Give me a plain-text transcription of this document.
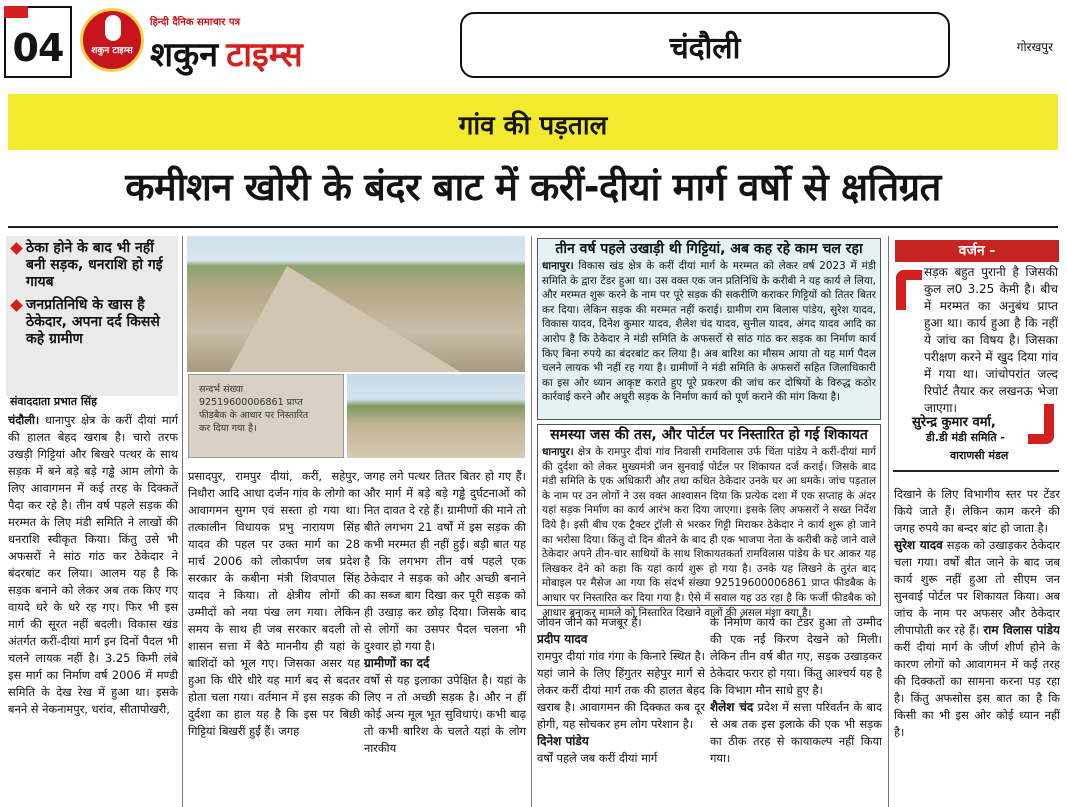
04	शकुन टाइम्स
हिन्दी दैनिक समाचार पत्र
शकुन टाइम्स	चंदौली	गोरखपुर
गांव की पड़ताल
कमीशन खोरी के बंदर बाट में करीं-दीयां मार्ग वर्षो से क्षतिग्रत
ठेका होने के बाद भी नहीं बनी सड़क, धनराशि हो गई गायब
जनप्रतिनिधि के खास है ठेकेदार, अपना दर्द किससे कहे ग्रामीण
संवाददाता प्रभात सिंह
चंदौली। धानापुर क्षेत्र के करीं दीयां मार्ग की हालत बेहद खराब है। चारो तरफ उखड़ी गिट्टियां और बिखरे पत्थर के साथ सड़क में बने बड़े बड़े गड्ढे आम लोगो के लिए आवागमन में कई तरह के दिक्कतें पैदा कर रहे है। तीन वर्ष पहले सड़क की मरम्मत के लिए मंडी समिति ने लाखों की धनराशि स्वीकृत किया। किंतु उसे भी अफसरों ने सांठ गांठ कर ठेकेदार ने बंदरबांट कर लिया। आलम यह है कि सड़क बनाने को लेकर अब तक किए गए वायदे धरे के धरे रह गए। फिर भी इस मार्ग की सूरत नहीं बदली। विकास खंड अंतर्गत करीं-दीयां मार्ग इन दिनों पैदल भी चलने लायक नहीं है। 3.25 किमी लंबे इस मार्ग का निर्माण वर्ष 2006 में मण्डी समिति के देख रेख में हुआ था। इसके बनने से नेकनामपुर, धरांव, सीतापोखरी,
सन्दर्भ संख्या
92519600006861 प्राप्त
फीडबैक के आधार पर निस्तारित
कर दिया गया है।
प्रसादपुर, रामपुर दीयां, करीं, सहेपुर, निधौरा आदि आधा दर्जन गांव के लोगो का आवागमन सुगम एवं सस्ता हो गया था। तत्कालीन विधायक प्रभु नारायण सिंह यादव की पहल पर उक्त मार्ग का 28 मार्च 2006 को लोकार्पण जब प्रदेश सरकार के कबीना मंत्री शिवपाल सिंह यादव ने किया। तो क्षेत्रीय लोगों की उम्मीदों को नया पंख लग गया। लेकिन समय के साथ ही जब सरकार बदली तो शासन सत्ता में बैठे माननीय ही यहां के बाशिंदों को भूल गए। जिसका असर यह हुआ कि धीरे धीरे यह मार्ग बद से बदतर होता चला गया। वर्तमान में इस सड़क की दुर्दशा का हाल यह है कि इस पर बिछी गिट्टियां बिखरीं हुईं हैं। जगह
जगह लगे पत्थर तितर बितर हो गए हैं। और मार्ग में बड़े बड़े गड्ढे दुर्घटनाओं को नित दावत दे रहे हैं। ग्रामीणों की माने तो बीते लगभग 21 वर्षों में इस सड़क की कभी मरम्मत ही नहीं हुई। बड़ी बात यह है कि लगभग तीन वर्ष पहले एक ठेकेदार ने सड़क को और अच्छी बनाने का सब्ज बाग दिखा कर पूरी सड़क को ही उखाड़ कर छोड़ दिया। जिसके बाद से लोगों का उसपर पैदल चलना भी दुश्वार हो गया है।
ग्रामीणों का दर्द
वर्षो से यह इलाका उपेक्षित है। यहां के लिए न तो अच्छी सड़क है। और न हीं कोई अन्य मूल भूत सुविधाएं। कभी बाढ़ तो कभी बारिश के चलते यहां के लोग नारकीय
तीन वर्ष पहले उखाड़ी थी गिट्टियां, अब कह रहे काम चल रहा
धानापुर। विकास खंड क्षेत्र के करीं दीयां मार्ग के मरम्मत को लेकर वर्ष 2023 में मंडी समिति के द्वारा टेंडर हुआ था। उस वक्त एक जन प्रतिनिधि के करीबी ने यह कार्य ले लिया, और मरम्मत शुरू करने के नाम पर पूरे सड़क की सकरीणि कराकर गिट्टियों को तितर बितर कर दिया। लेकिन सड़क की मरम्मत नहीं कराई। ग्रामीण राम बिलास पांडेय, सुरेश यादव, विकास यादव, दिनेश कुमार यादव, शैलेश चंद यादव, सुनील यादव, अंगद यादव आदि का आरोप है कि ठेकेदार ने मंडी समिति के अफसरों से सांठ गांठ कर सड़क का निर्माण कार्य किए बिना रुपये का बंदरबांट कर लिया है। अब बारिश का मौसम आया तो यह मार्ग पैदल चलने लायक भी नहीं रह गया है। ग्रामीणों ने मंडी समिति के अफसरों सहित जिलाधिकारी का इस ओर ध्यान आकृष्ट कराते हुए पूरे प्रकरण की जांच कर दोषियों के विरुद्ध कठोर कार्रवाई करने और अधूरी सड़क के निर्माण कार्य को पूर्ण कराने की मांग किया है।
समस्या जस की तस, और पोर्टल पर निस्तारित हो गई शिकायत
धानापुर। क्षेत्र के रामपुर दीयां गांव निवासी रामविलास उर्फ चिंता पांडेय ने करीं-दीयां मार्ग की दुर्दशा को लेकर मुख्यमंत्री जन सुनवाई पोर्टल पर शिकायत दर्ज कराई। जिसके बाद मंडी समिति के एक अधिकारी और तथा कथित ठेकेदार उनके घर आ धमके। जांच पड़ताल के नाम पर उन लोगों ने उस वक्त आश्वासन दिया कि प्रत्येक दशा में एक सप्ताह के अंदर यहां सड़क निर्माण का कार्य आरंभ करा दिया जाएगा। इसके लिए अफसरों ने सख्त निर्देश दिये है। इसी बीच एक ट्रैक्टर ट्रॉली से भरकर गिट्टी मिराकर ठेकेदार ने कार्य शुरू हो जाने का भरोसा दिया। किंतु दो दिन बीतने के बाद ही एक भाजपा नेता के करीबी कहे जाने वाले ठेकेदार अपने तीन-चार साथियों के साथ शिकायतकर्ता रामविलास पांडेय के घर आकर यह लिखकर देने को कहा कि यहां कार्य शुरू हो गया है। उनके यह लिखने के तुरंत बाद मोबाइल पर मैसेज आ गया कि संदर्भ संख्या 92519600006861 प्राप्त फीडबैक के आधार पर निस्तारित कर दिया गया है। ऐसे में सवाल यह उठ रहा है कि फर्जी फीडबैक को आधार बनाकर मामले को निस्तारित दिखाने वालों की असल मंशा क्या है।
जीवन जीने को मजबूर हैं।
प्रदीप यादव
रामपुर दीयां गांव गंगा के किनारे स्थित है। यहां जाने के लिए हिंगुतर सहेपुर मार्ग से लेकर करीं दीयां मार्ग तक की हालत बेहद खराब है। आवागमन की दिक्कत कब दूर होगी, यह सोचकर हम लोग परेशान है।
दिनेश पांडेय
वर्षों पहले जब करीं दीयां मार्ग
के निर्माण कार्य का टेंडर हुआ तो उम्मीद की एक नई किरण देखने को मिली। लेकिन तीन वर्ष बीत गए, सड़क उखाड़कर ठेकेदार फरार हो गया। किंतु आश्चर्य यह है कि विभाग मौन साधे हुए है।
शैलेश चंद प्रदेश में सत्ता परिवर्तन के बाद से अब तक इस इलाके की एक भी सड़क का ठीक तरह से कायाकल्प नहीं किया गया।
वर्जन -
सड़क बहुत पुरानी है जिसकी कुल ल0 3.25 केमी है। बीच में मरम्मत का अनुबंध प्राप्त हुआ था। कार्य हुआ है कि नहीं ये जांच का विषय है। जिसका परीक्षण करने में खुद दिया गांव में गया था। जांचोपरांत जल्द रिपोर्ट तैयार कर लखनऊ भेजा जाएगा।
सुरेन्द्र कुमार वर्मा,
डी.डी मंडी समिति -
वाराणसी मंडल
दिखाने के लिए विभागीय स्तर पर टेंडर किये जाते हैं। लेकिन काम करने की जगह रुपये का बन्दर बांट हो जाता है।
सुरेश यादव सड़क को उखाड़कर ठेकेदार चला गया। वर्षों बीत जाने के बाद जब कार्य शुरू नहीं हुआ तो सीएम जन सुनवाई पोर्टल पर शिकायत किया। अब जांच के नाम पर अफसर और ठेकेदार लीपापोती कर रहे हैं। राम विलास पांडेय करीं दीयां मार्ग के जीर्ण शीर्ण होने के कारण लोगों को आवागमन में कई तरह की दिक्कतों का सामना करना पड़ रहा है। किंतु अफसोस इस बात का है कि किसी का भी इस ओर कोई ध्यान नहीं है।
